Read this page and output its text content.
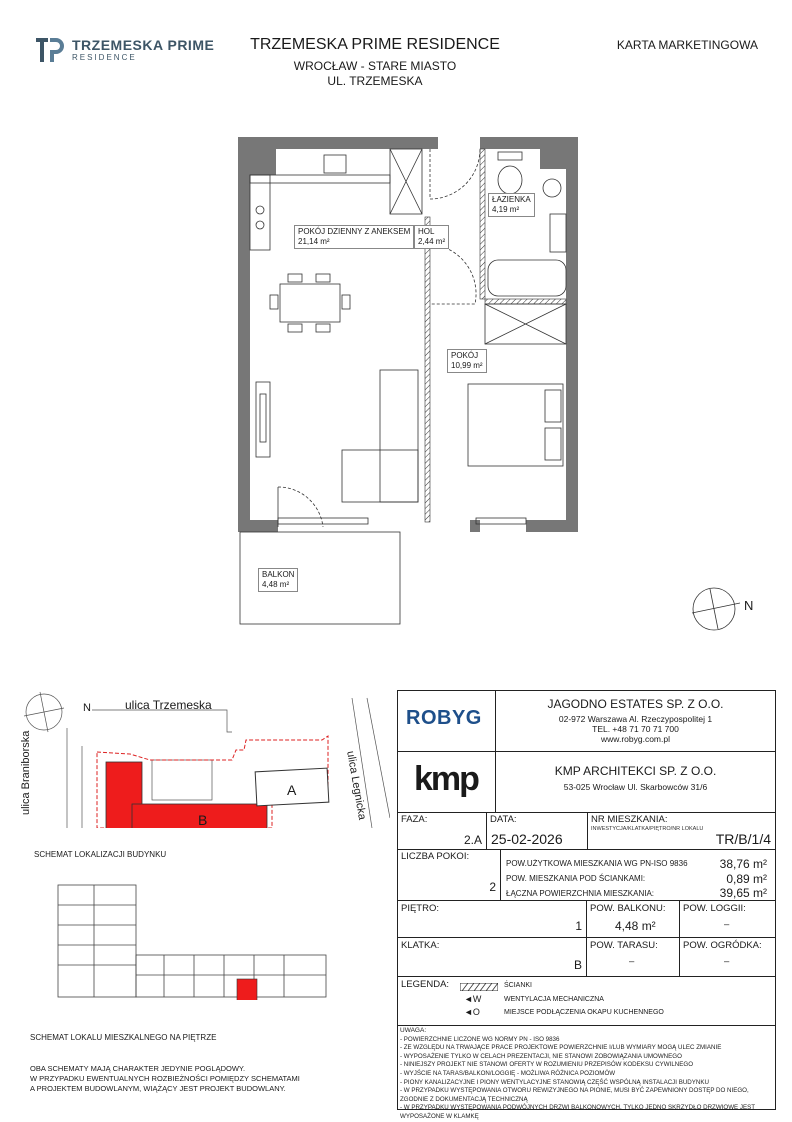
TRZEMESKA PRIME
RESIDENCE
TRZEMESKA PRIME RESIDENCE
WROCŁAW - STARE MIASTO
UL. TRZEMESKA
KARTA MARKETINGOWA
POKÓJ DZIENNY Z ANEKSEM
21,14 m²
HOL
2,44 m²
ŁAZIENKA
4,19 m²
POKÓJ
10,99 m²
BALKON
4,48 m²
N
ulica Trzemeska
N
ulica Braniborska	ulica Legnicka
A
B
SCHEMAT LOKALIZACJI BUDYNKU
SCHEMAT LOKALU MIESZKALNEGO NA PIĘTRZE
OBA SCHEMATY MAJĄ CHARAKTER JEDYNIE POGLĄDOWY.
W PRZYPADKU EWENTUALNYCH ROZBIEŻNOŚCI POMIĘDZY SCHEMATAMI
A PROJEKTEM BUDOWLANYM, WIĄŻĄCY JEST PROJEKT BUDOWLANY.
ROBYG
JAGODNO ESTATES SP. Z O.O.
02-972 Warszawa Al. Rzeczypospolitej 1
TEL. +48 71 70 71 700
www.robyg.com.pl
kmp	KMP ARCHITEKCI SP. Z O.O.
53-025 Wrocław Ul. Skarbowców 31/6
FAZA:
2.A
DATA:
25-02-2026
NR MIESZKANIA:
INWESTYCJA/KLATKA/PIĘTRO/NR LOKALU
TR/B/1/4
LICZBA POKOI:
2
POW.UŻYTKOWA MIESZKANIA WG PN-ISO 9836	38,76 m²
POW. MIESZKANIA POD ŚCIANKAMI:	0,89 m²
ŁĄCZNA POWIERZCHNIA MIESZKANIA:	39,65 m²
PIĘTRO:
1
POW. BALKONU:
4,48 m²
POW. LOGGII:
–
KLATKA:
B
POW. TARASU:
–
POW. OGRÓDKA:
–
LEGENDA:	ŚCIANKI
◄W	WENTYLACJA MECHANICZNA
◄O	MIEJSCE PODŁĄCZENIA OKAPU KUCHENNEGO
UWAGA:
- POWIERZCHNIE LICZONE WG NORMY PN - ISO 9836
- ZE WZGLĘDU NA TRWAJĄCE PRACE PROJEKTOWE POWIERZCHNIE I/LUB WYMIARY MOGĄ ULEC ZMIANIE
- WYPOSAŻENIE TYLKO W CELACH PREZENTACJI, NIE STANOWI ZOBOWIĄZANIA UMOWNEGO
- NINIEJSZY PROJEKT NIE STANOWI OFERTY W ROZUMIENIU PRZEPISÓW KODEKSU CYWILNEGO
- WYJŚCIE NA TARAS/BALKON/LOGGIĘ - MOŻLIWA RÓŻNICA POZIOMÓW
- PIONY KANALIZACYJNE I PIONY WENTYLACYJNE STANOWIĄ CZĘŚĆ WSPÓLNĄ INSTALACJI BUDYNKU
- W PRZYPADKU WYSTĘPOWANIA OTWORU REWIZYJNEGO NA PIONIE, MUSI BYĆ ZAPEWNIONY DOSTĘP DO NIEGO,
ZGODNIE Z DOKUMENTACJĄ TECHNICZNĄ
- W PRZYPADKU WYSTĘPOWANIA PODWÓJNYCH DRZWI BALKONOWYCH, TYLKO JEDNO SKRZYDŁO DRZWIOWE JEST
WYPOSAŻONE W KLAMKĘ
